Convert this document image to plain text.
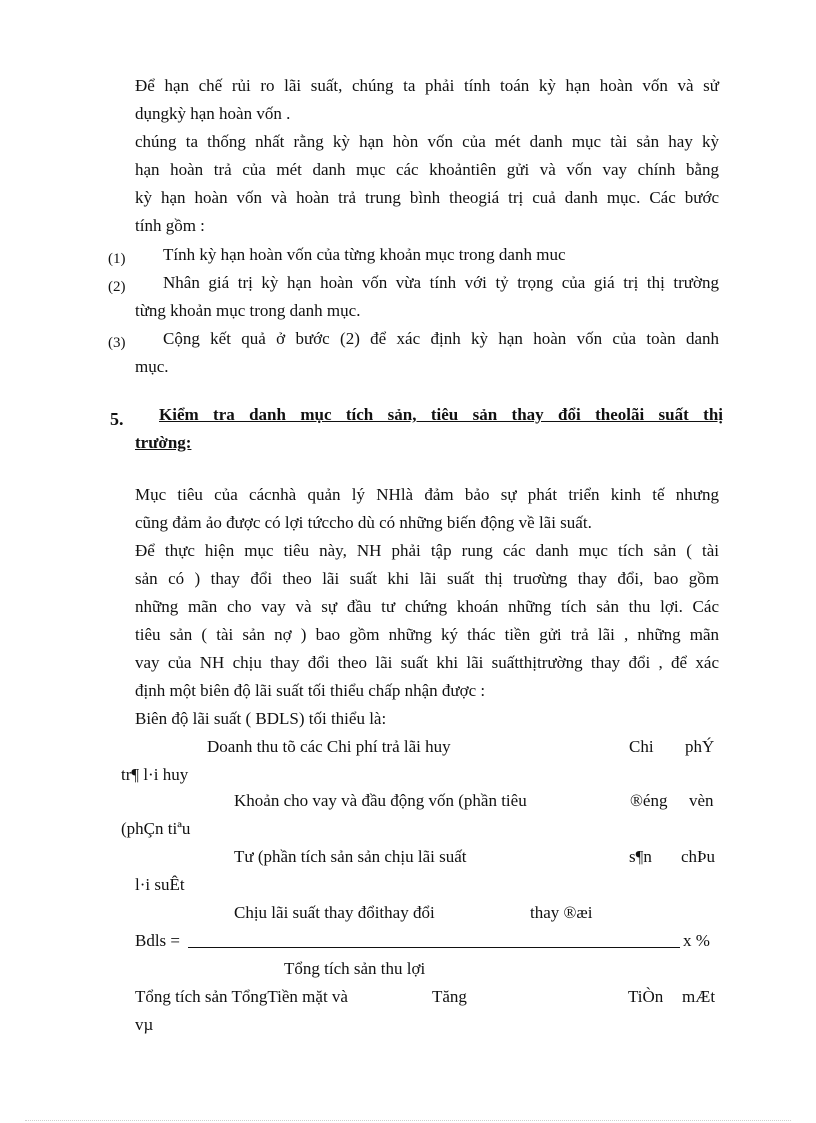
Để hạn chế rủi ro lãi suất, chúng ta phải tính toán kỳ hạn hoàn vốn và sử
dụngkỳ hạn hoàn vốn .
chúng ta thống nhất rằng kỳ hạn hòn vốn của mét danh mục tài sản hay kỳ
hạn hoàn trả của mét danh mục các khoảntiên gửi và vốn vay chính bằng
kỳ hạn hoàn vốn và hoàn trả trung bình theogiá trị cuả danh mục. Các bước
tính gồm :
(1) Tính kỳ hạn hoàn vốn của từng khoản mục trong danh muc
(2) Nhân giá trị kỳ hạn hoàn vốn vừa tính với tỷ trọng của giá trị thị trường
từng khoản mục trong danh mục.
(3) Cộng kết quả ở bước (2) để xác định kỳ hạn hoàn vốn của toàn danh
mục.
5. Kiểm tra danh mục tích sản, tiêu sản thay đổi theolãi suất thị
trường:
Mục tiêu của cácnhà quản lý NHlà đảm bảo sự phát triển kinh tế nhưng
cũng đảm ảo được có lợi tứccho dù có những biến động về lãi suất.
Để thực hiện mục tiêu này, NH phải tập rung các danh mục tích sản ( tài
sản có ) thay đổi theo lãi suất khi lãi suất thị truơừng thay đổi, bao gồm
những mãn cho vay và sự đầu tư chứng khoán những tích sản thu lợi. Các
tiêu sản ( tài sản nợ ) bao gồm những ký thác tiền gửi trả lãi , những mãn
vay của NH chịu thay đổi theo lãi suất khi lãi suấtthịtrường thay đổi , để xác
định một biên độ lãi suất tối thiểu chấp nhận được :
Biên độ lãi suất ( BDLS) tối thiểu là:
Doanh thu tõ các Chi phí trả lãi huy	Chi phÝ
tr¶ l·i huy
Khoản cho vay và đầu động vốn (phần tiêu	®éng vèn
(phÇn tiªu
Tư (phần tích sản sản chịu lãi suất	s¶n chÞu
l·i suÊt
Chịu lãi suất thay đổithay đổi	thay ®æi
Bdls =	x %
Tổng tích sản thu lợi
Tổng tích sản TổngTiền mặt và	Tăng	TiÒn mÆt
vµ
